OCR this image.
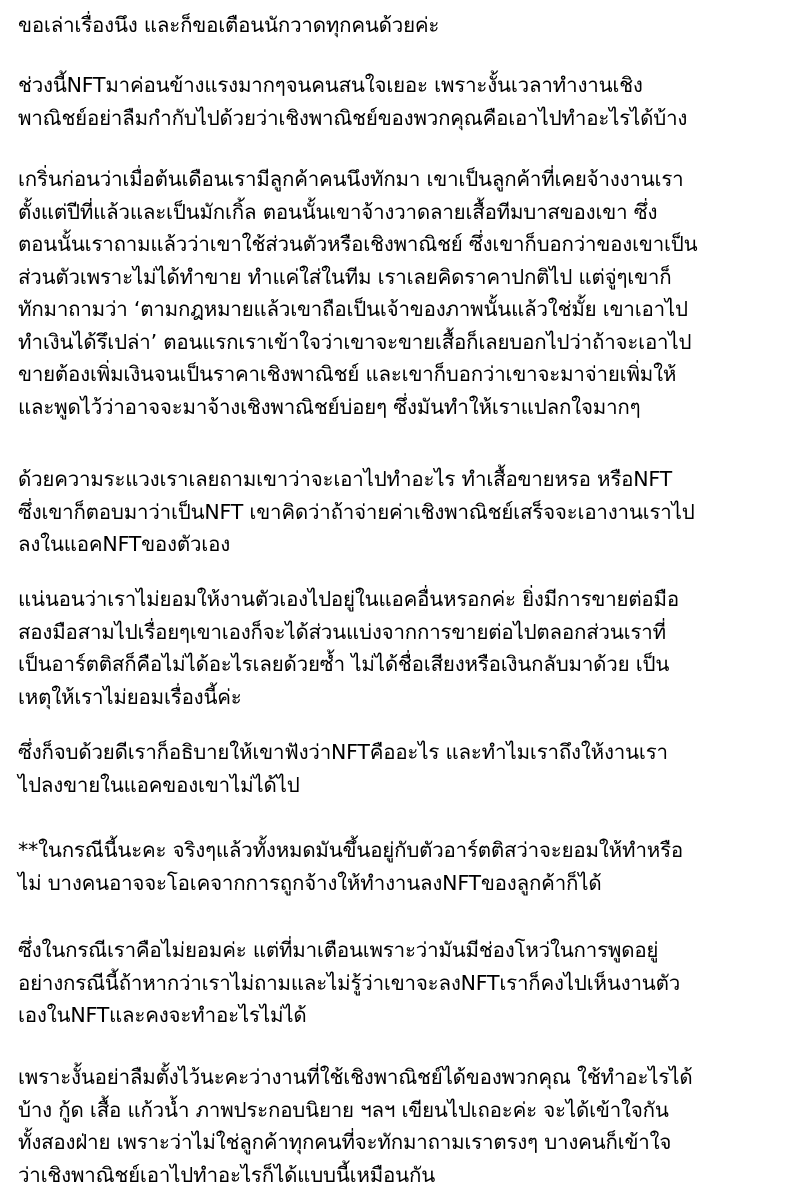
ขอเล่าเรื่องนึง และก็ขอเตือนนักวาดทุกคนด้วยค่ะ
ช่วงนี้NFTมาค่อนข้างแรงมากๆจนคนสนใจเยอะ เพราะงั้นเวลาทำงานเชิง
พาณิชย์อย่าลืมกำกับไปด้วยว่าเชิงพาณิชย์ของพวกคุณคือเอาไปทำอะไรได้บ้าง
เกริ่นก่อนว่าเมื่อต้นเดือนเรามีลูกค้าคนนึงทักมา เขาเป็นลูกค้าที่เคยจ้างงานเรา
ตั้งแต่ปีที่แล้วและเป็นมักเกิ้ล ตอนนั้นเขาจ้างวาดลายเสื้อทีมบาสของเขา ซึ่ง
ตอนนั้นเราถามแล้วว่าเขาใช้ส่วนตัวหรือเชิงพาณิชย์ ซึ่งเขาก็บอกว่าของเขาเป็น
ส่วนตัวเพราะไม่ได้ทำขาย ทำแค่ใส่ในทีม เราเลยคิดราคาปกติไป แต่จู่ๆเขาก็
ทักมาถามว่า ‘ตามกฎหมายแล้วเขาถือเป็นเจ้าของภาพนั้นแล้วใช่มั้ย เขาเอาไป
ทำเงินได้รึเปล่า’ ตอนแรกเราเข้าใจว่าเขาจะขายเสื้อก็เลยบอกไปว่าถ้าจะเอาไป
ขายต้องเพิ่มเงินจนเป็นราคาเชิงพาณิชย์ และเขาก็บอกว่าเขาจะมาจ่ายเพิ่มให้
และพูดไว้ว่าอาจจะมาจ้างเชิงพาณิชย์บ่อยๆ ซึ่งมันทำให้เราแปลกใจมากๆ
ด้วยความระแวงเราเลยถามเขาว่าจะเอาไปทำอะไร ทำเสื้อขายหรอ หรือNFT
ซึ่งเขาก็ตอบมาว่าเป็นNFT เขาคิดว่าถ้าจ่ายค่าเชิงพาณิชย์เสร็จจะเอางานเราไป
ลงในแอคNFTของตัวเอง
แน่นอนว่าเราไม่ยอมให้งานตัวเองไปอยู่ในแอคอื่นหรอกค่ะ ยิ่งมีการขายต่อมือ
สองมือสามไปเรื่อยๆเขาเองก็จะได้ส่วนแบ่งจากการขายต่อไปตลอกส่วนเราที่
เป็นอาร์ตติสก็คือไม่ได้อะไรเลยด้วยซ้ำ ไม่ได้ชื่อเสียงหรือเงินกลับมาด้วย เป็น
เหตุให้เราไม่ยอมเรื่องนี้ค่ะ
ซึ่งก็จบด้วยดีเราก็อธิบายให้เขาฟังว่าNFTคืออะไร และทำไมเราถึงให้งานเรา
ไปลงขายในแอคของเขาไม่ได้ไป
**ในกรณีนี้นะคะ จริงๆแล้วทั้งหมดมันขึ้นอยู่กับตัวอาร์ตติสว่าจะยอมให้ทำหรือ
ไม่ บางคนอาจจะโอเคจากการถูกจ้างให้ทำงานลงNFTของลูกค้าก็ได้
ซึ่งในกรณีเราคือไม่ยอมค่ะ แต่ที่มาเตือนเพราะว่ามันมีช่องโหว่ในการพูดอยู่
อย่างกรณีนี้ถ้าหากว่าเราไม่ถามและไม่รู้ว่าเขาจะลงNFTเราก็คงไปเห็นงานตัว
เองในNFTและคงจะทำอะไรไม่ได้
เพราะงั้นอย่าลืมตั้งไว้นะคะว่างานที่ใช้เชิงพาณิชย์ได้ของพวกคุณ ใช้ทำอะไรได้
บ้าง กู้ด เสื้อ แก้วน้ำ ภาพประกอบนิยาย ฯลฯ เขียนไปเถอะค่ะ จะได้เข้าใจกัน
ทั้งสองฝ่าย เพราะว่าไม่ใช่ลูกค้าทุกคนที่จะทักมาถามเราตรงๆ บางคนก็เข้าใจ
ว่าเชิงพาณิชย์เอาไปทำอะไรก็ได้แบบนี้เหมือนกัน
